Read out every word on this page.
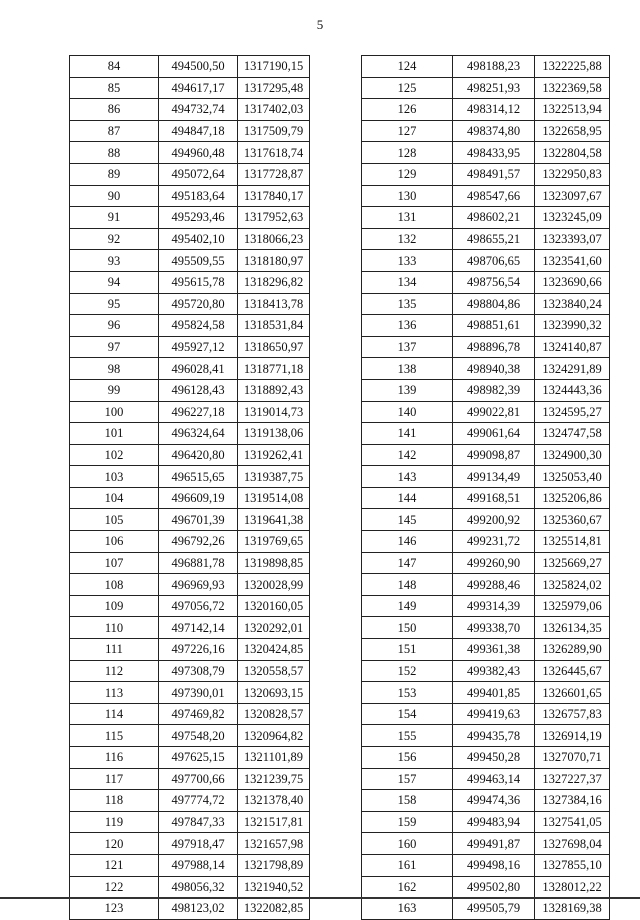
5
84	494500,50	1317190,15
85	494617,17	1317295,48
86	494732,74	1317402,03
87	494847,18	1317509,79
88	494960,48	1317618,74
89	495072,64	1317728,87
90	495183,64	1317840,17
91	495293,46	1317952,63
92	495402,10	1318066,23
93	495509,55	1318180,97
94	495615,78	1318296,82
95	495720,80	1318413,78
96	495824,58	1318531,84
97	495927,12	1318650,97
98	496028,41	1318771,18
99	496128,43	1318892,43
100	496227,18	1319014,73
101	496324,64	1319138,06
102	496420,80	1319262,41
103	496515,65	1319387,75
104	496609,19	1319514,08
105	496701,39	1319641,38
106	496792,26	1319769,65
107	496881,78	1319898,85
108	496969,93	1320028,99
109	497056,72	1320160,05
110	497142,14	1320292,01
111	497226,16	1320424,85
112	497308,79	1320558,57
113	497390,01	1320693,15
114	497469,82	1320828,57
115	497548,20	1320964,82
116	497625,15	1321101,89
117	497700,66	1321239,75
118	497774,72	1321378,40
119	497847,33	1321517,81
120	497918,47	1321657,98
121	497988,14	1321798,89
122	498056,32	1321940,52
123	498123,02	1322082,85
124	498188,23	1322225,88
125	498251,93	1322369,58
126	498314,12	1322513,94
127	498374,80	1322658,95
128	498433,95	1322804,58
129	498491,57	1322950,83
130	498547,66	1323097,67
131	498602,21	1323245,09
132	498655,21	1323393,07
133	498706,65	1323541,60
134	498756,54	1323690,66
135	498804,86	1323840,24
136	498851,61	1323990,32
137	498896,78	1324140,87
138	498940,38	1324291,89
139	498982,39	1324443,36
140	499022,81	1324595,27
141	499061,64	1324747,58
142	499098,87	1324900,30
143	499134,49	1325053,40
144	499168,51	1325206,86
145	499200,92	1325360,67
146	499231,72	1325514,81
147	499260,90	1325669,27
148	499288,46	1325824,02
149	499314,39	1325979,06
150	499338,70	1326134,35
151	499361,38	1326289,90
152	499382,43	1326445,67
153	499401,85	1326601,65
154	499419,63	1326757,83
155	499435,78	1326914,19
156	499450,28	1327070,71
157	499463,14	1327227,37
158	499474,36	1327384,16
159	499483,94	1327541,05
160	499491,87	1327698,04
161	499498,16	1327855,10
162	499502,80	1328012,22
163	499505,79	1328169,38
